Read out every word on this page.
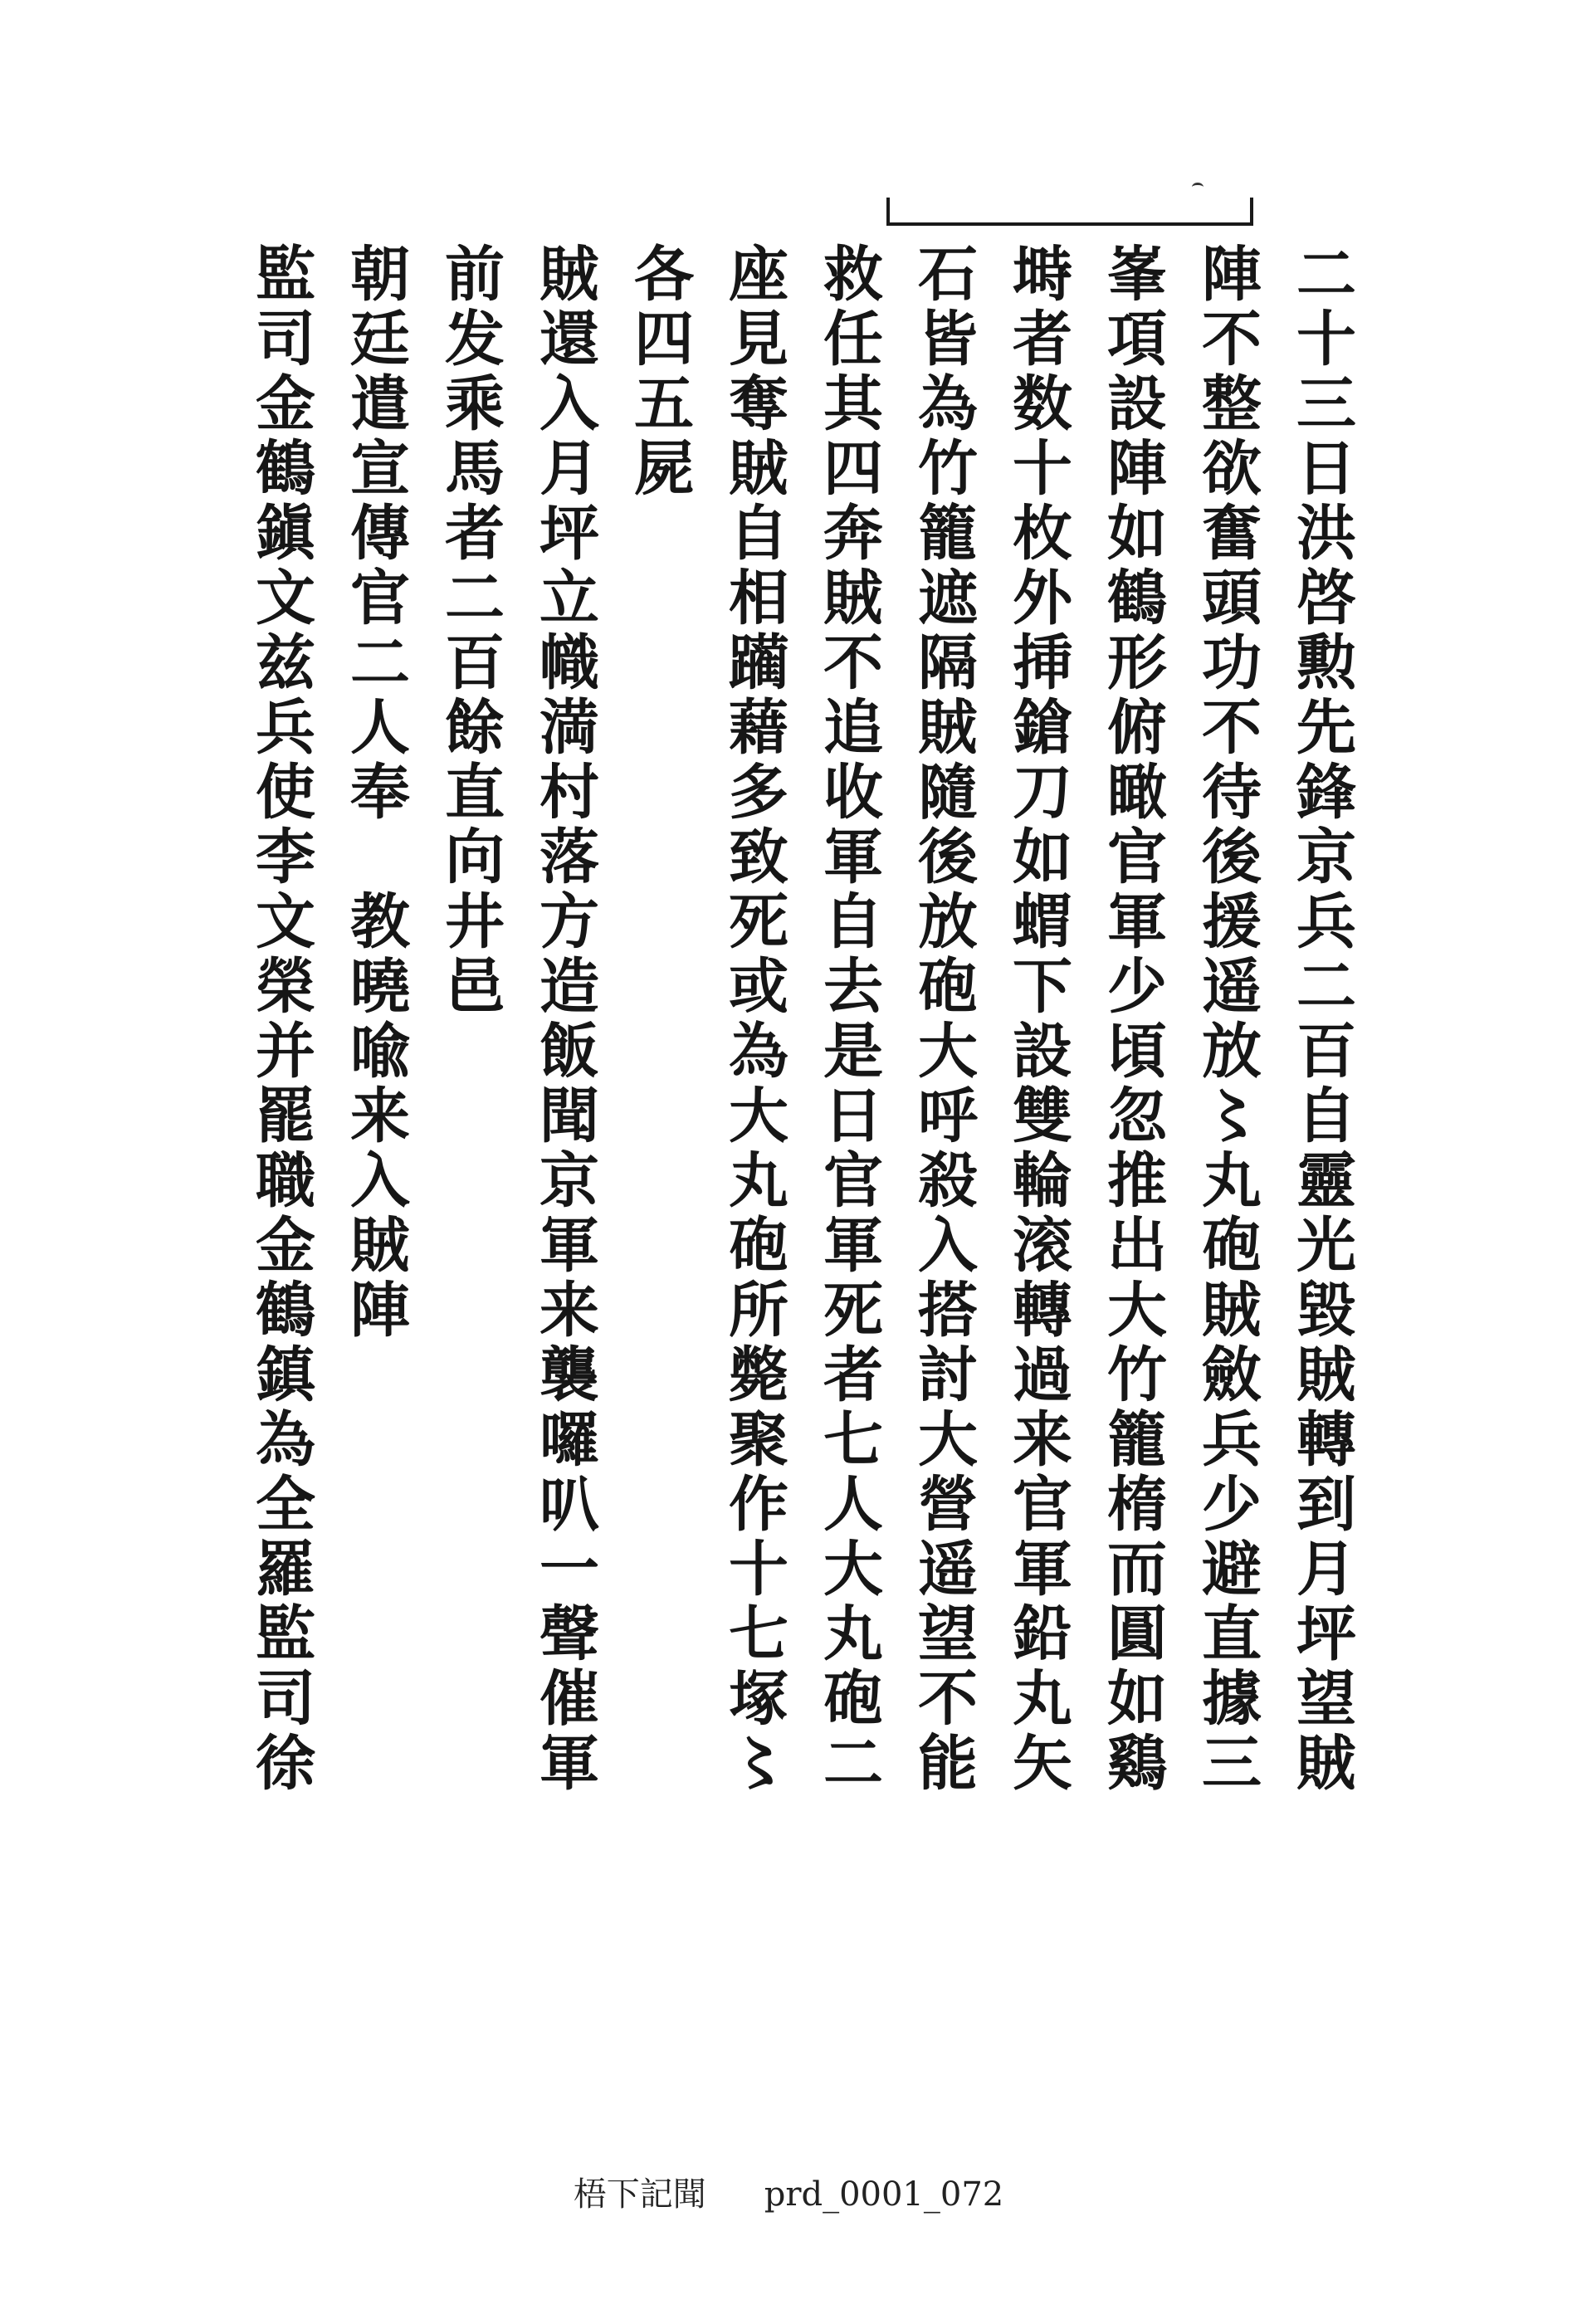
二十三日洪啓勲先鋒京兵二百自靈光毀賊轉到月坪望賊
陣不整欲奮頭功不待後援遥放〻丸砲賊斂兵少避直據三
峯項設陣如鶴形俯瞰官軍少頃忽推出大竹籠楕而圓如鷄
塒者数十枚外挿鎗刀如蝟下設雙輪滚轉過来官軍鉛丸矢
石皆為竹籠遮隔賊隨後放砲大呼殺入搭討大營遥望不能
救任其四奔賊不追收軍自去是日官軍死者七人大丸砲二
座見奪賊自相躏藉多致死或為大丸砲所斃聚作十七塚〻
各四五屍
賊還入月坪立幟満村落方造飯聞京軍来襲囉叭一聲催軍
前发乘馬者二百餘直向井邑
朝廷遣宣傳官二人奉　教曉喩来入賊陣
監司金鶴鎭文兹兵使李文榮并罷職金鶴鎮為全羅監司徐
梧下記聞 prd_0001_072
